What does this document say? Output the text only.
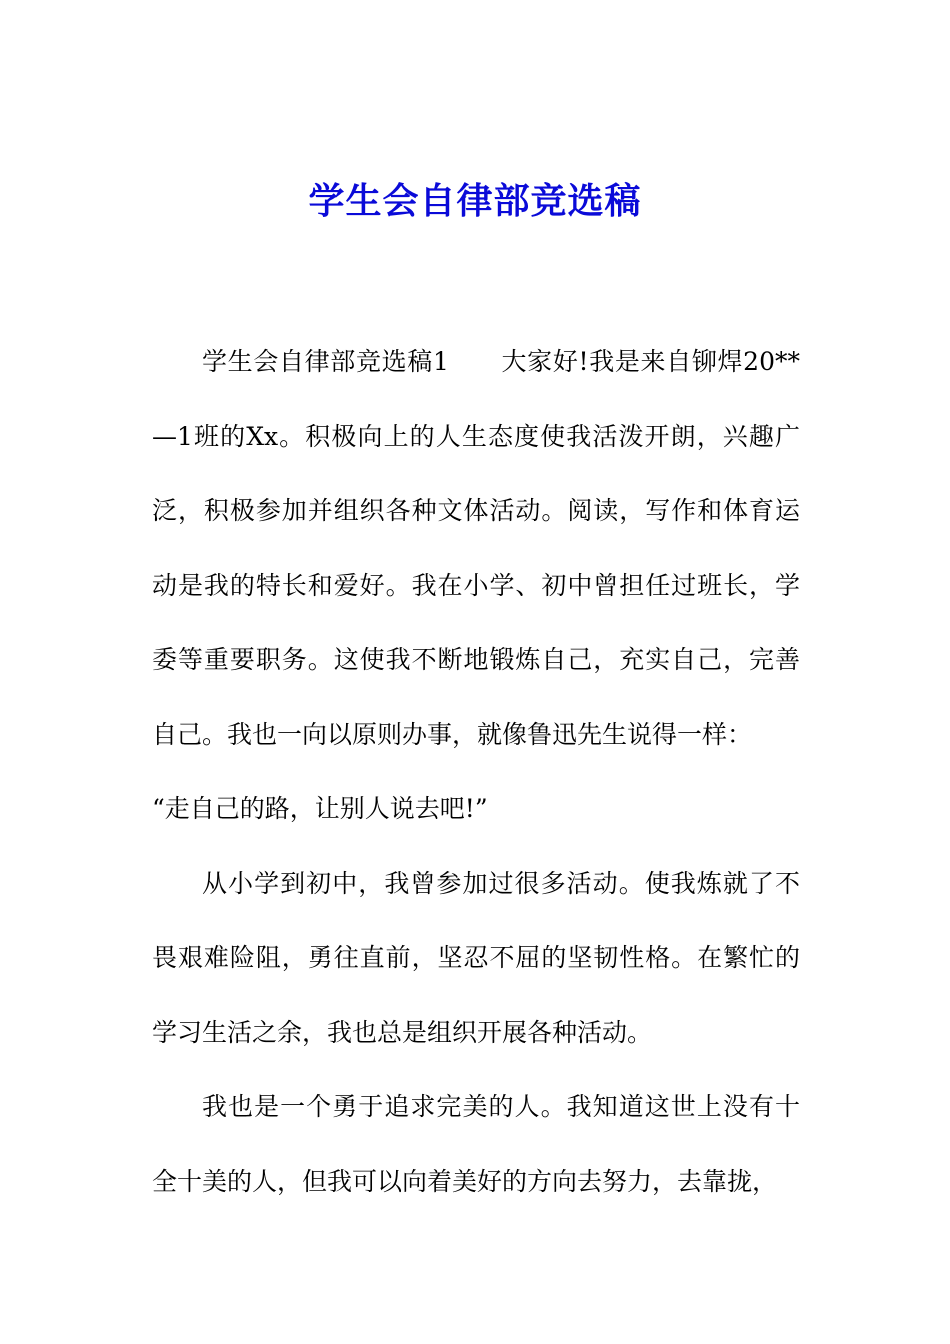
学生会自律部竞选稿

学生会自律部竞选稿1 大家好!我是来自铆焊20**—1班的Xx。积极向上的人生态度使我活泼开朗，兴趣广泛，积极参加并组织各种文体活动。阅读，写作和体育运动是我的特长和爱好。我在小学、初中曾担任过班长，学委等重要职务。这使我不断地锻炼自己，充实自己，完善自己。我也一向以原则办事，就像鲁迅先生说得一样：
“走自己的路，让别人说去吧!”

从小学到初中，我曾参加过很多活动。使我炼就了不畏艰难险阻，勇往直前，坚忍不屈的坚韧性格。在繁忙的学习生活之余，我也总是组织开展各种活动。

我也是一个勇于追求完美的人。我知道这世上没有十全十美的人，但我可以向着美好的方向去努力，去靠拢，
